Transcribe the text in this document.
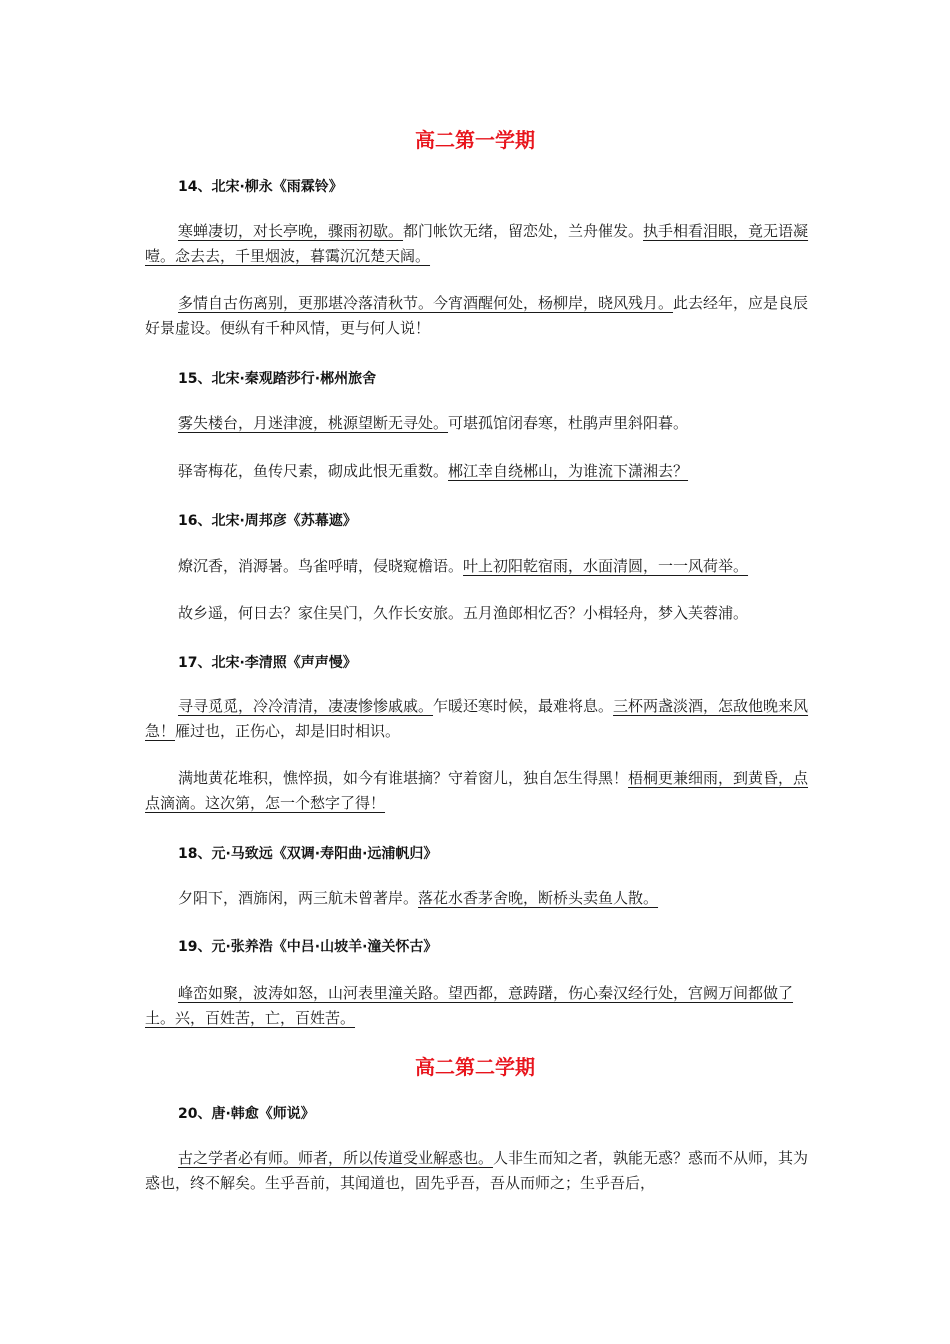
高二第一学期
14、北宋·柳永《雨霖铃》

寒蝉凄切，对长亭晚，骤雨初歇。都门帐饮无绪，留恋处，兰舟催发。执手相看泪眼，竟无语凝噎。念去去，千里烟波，暮霭沉沉楚天阔。

多情自古伤离别，更那堪冷落清秋节。今宵酒醒何处，杨柳岸，晓风残月。此去经年，应是良辰好景虚设。便纵有千种风情，更与何人说！

15、北宋·秦观踏莎行·郴州旅舍

雾失楼台，月迷津渡，桃源望断无寻处。可堪孤馆闭春寒，杜鹃声里斜阳暮。

驿寄梅花，鱼传尺素，砌成此恨无重数。郴江幸自绕郴山，为谁流下潇湘去？

16、北宋·周邦彦《苏幕遮》

燎沉香，消溽暑。鸟雀呼晴，侵晓窥檐语。叶上初阳乾宿雨，水面清圆，一一风荷举。

故乡遥，何日去？家住吴门，久作长安旅。五月渔郎相忆否？小楫轻舟，梦入芙蓉浦。

17、北宋·李清照《声声慢》

寻寻觅觅，冷冷清清，凄凄惨惨戚戚。乍暖还寒时候，最难将息。三杯两盏淡酒，怎敌他晚来风急！雁过也，正伤心，却是旧时相识。

满地黄花堆积，憔悴损，如今有谁堪摘？守着窗儿，独自怎生得黑！梧桐更兼细雨，到黄昏，点点滴滴。这次第，怎一个愁字了得！

18、元·马致远《双调·寿阳曲·远浦帆归》

夕阳下，酒旆闲，两三航未曾著岸。落花水香茅舍晚，断桥头卖鱼人散。

19、元·张养浩《中吕·山坡羊·潼关怀古》

峰峦如聚，波涛如怒，山河表里潼关路。望西都，意踌躇，伤心秦汉经行处，宫阙万间都做了土。兴，百姓苦，亡，百姓苦。

高二第二学期
20、唐·韩愈《师说》

古之学者必有师。师者，所以传道受业解惑也。人非生而知之者，孰能无惑？惑而不从师，其为惑也，终不解矣。生乎吾前，其闻道也，固先乎吾，吾从而师之；生乎吾后，
